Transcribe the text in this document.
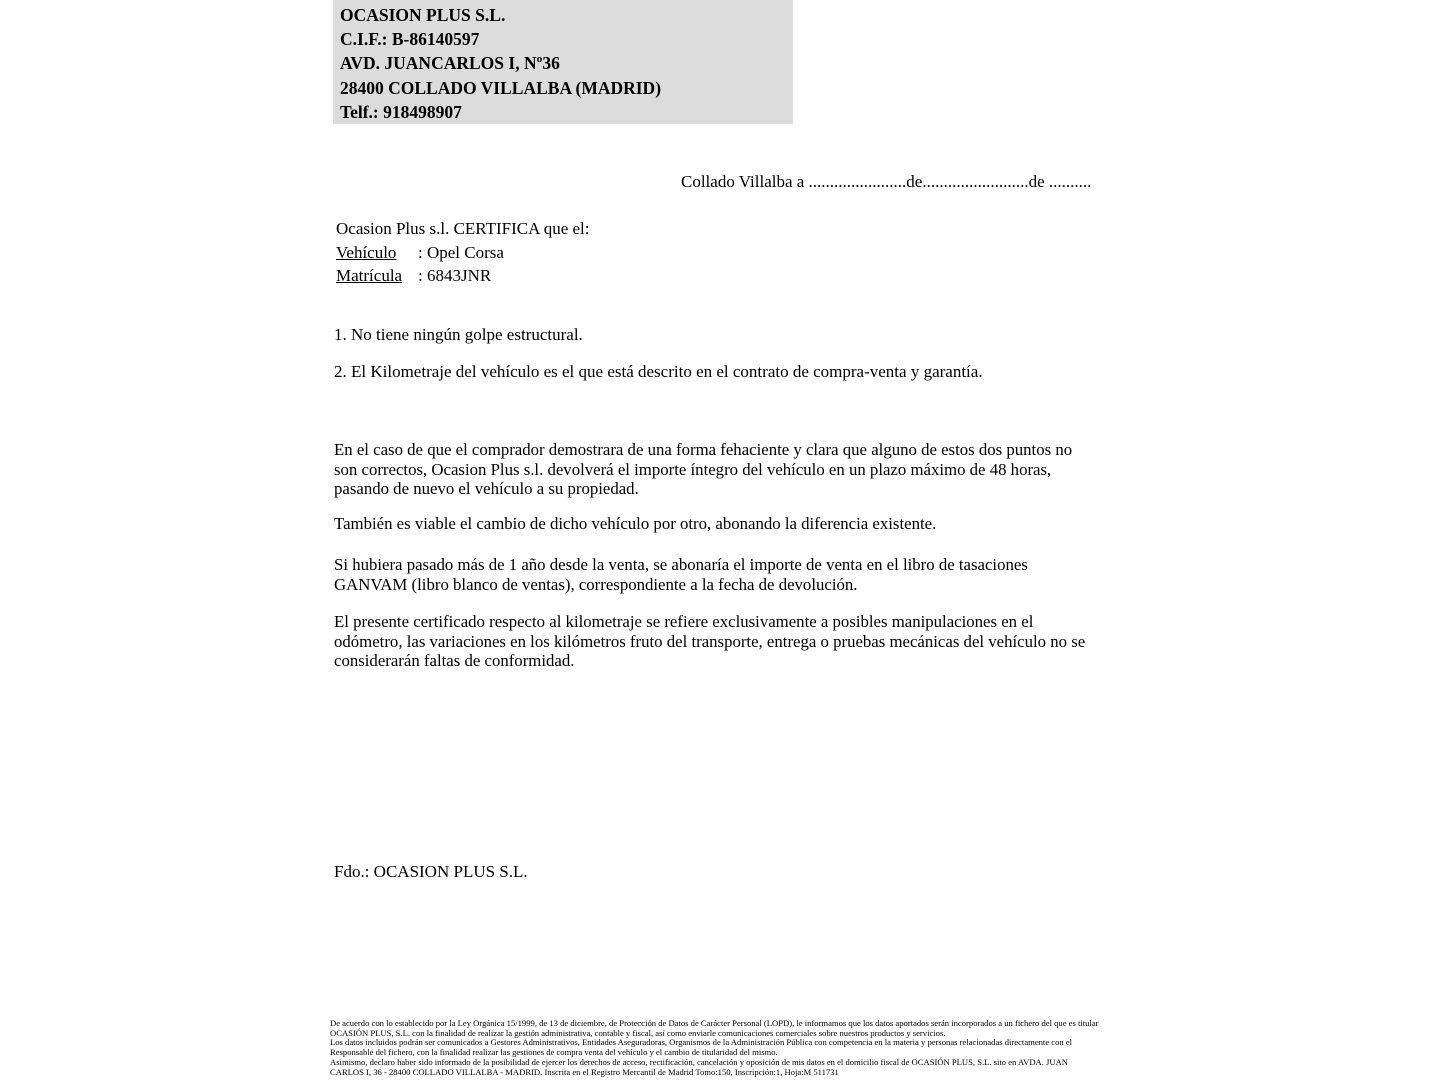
OCASION PLUS S.L.
C.I.F.: B-86140597
AVD. JUANCARLOS I, Nº36
28400 COLLADO VILLALBA (MADRID)
Telf.: 918498907
Collado Villalba a .......................de.........................de ..........
Ocasion Plus s.l. CERTIFICA que el:
Vehículo : Opel Corsa
Matrícula : 6843JNR
1. No tiene ningún golpe estructural.
2. El Kilometraje del vehículo es el que está descrito en el contrato de compra-venta y garantía.
En el caso de que el comprador demostrara de una forma fehaciente y clara que alguno de estos dos puntos no son correctos, Ocasion Plus s.l. devolverá el importe íntegro del vehículo en un plazo máximo de 48 horas, pasando de nuevo el vehículo a su propiedad.
También es viable el cambio de dicho vehículo por otro, abonando la diferencia existente.
Si hubiera pasado más de 1 año desde la venta, se abonaría el importe de venta en el libro de tasaciones GANVAM (libro blanco de ventas), correspondiente a la fecha de devolución.
El presente certificado respecto al kilometraje se refiere exclusivamente a posibles manipulaciones en el odómetro, las variaciones en los kilómetros fruto del transporte, entrega o pruebas mecánicas del vehículo no se considerarán faltas de conformidad.
Fdo.: OCASION PLUS S.L.
De acuerdo con lo establecido por la Ley Orgánica 15/1999, de 13 de diciembre, de Protección de Datos de Carácter Personal (LOPD), le informamos que los datos aportados serán incorporados a un fichero del que es titular
OCASIÓN PLUS, S.L. con la finalidad de realizar la gestión administrativa, contable y fiscal, así como enviarle comunicaciones comerciales sobre nuestros productos y servicios.
Los datos incluidos podrán ser comunicados a Gestores Administrativos, Entidades Aseguradoras, Organismos de la Administración Pública con competencia en la materia y personas relacionadas directamente con el
Responsable del fichero, con la finalidad realizar las gestiones de compra venta del vehículo y el cambio de titularidad del mismo.
Asimismo, declaro haber sido informado de la posibilidad de ejercer los derechos de acceso, rectificación, cancelación y oposición de mis datos en el domicilio fiscal de OCASIÓN PLUS, S.L. sito en AVDA. JUAN
CARLOS I, 36 - 28400 COLLADO VILLALBA - MADRID. Inscrita en el Registro Mercantil de Madrid Tomo:150, Inscripción:1, Hoja:M 511731
